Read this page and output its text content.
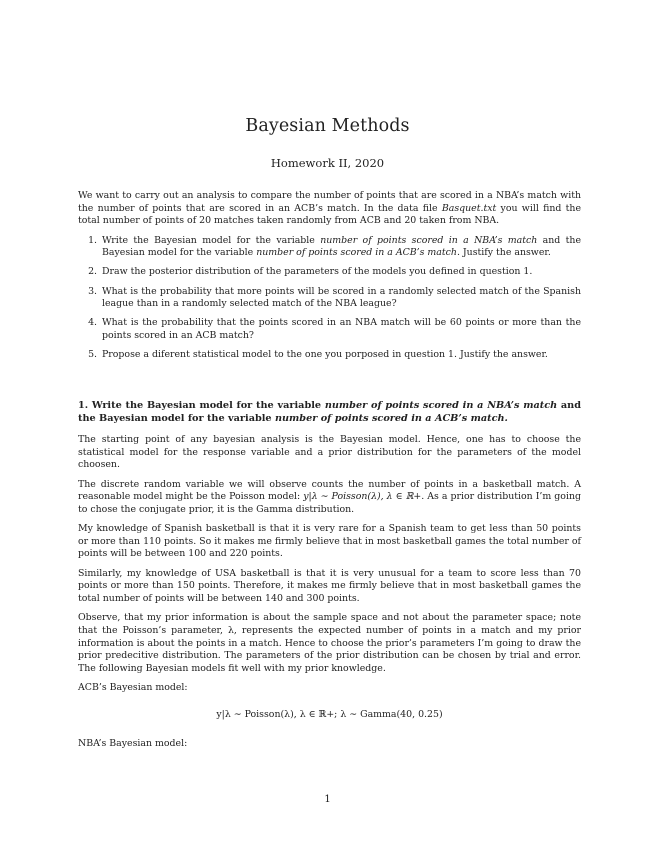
Bayesian Methods
Homework II, 2020

We want to carry out an analysis to compare the number of points that are scored in a NBA’s match with the number of points that are scored in an ACB’s match. In the data file Basquet.txt you will find the total number of points of 20 matches taken randomly from ACB and 20 taken from NBA.

1. Write the Bayesian model for the variable number of points scored in a NBA’s match and the Bayesian model for the variable number of points scored in a ACB’s match. Justify the answer.
2. Draw the posterior distribution of the parameters of the models you defined in question 1.
3. What is the probability that more points will be scored in a randomly selected match of the Spanish league than in a randomly selected match of the NBA league?
4. What is the probability that the points scored in an NBA match will be 60 points or more than the points scored in an ACB match?
5. Propose a diferent statistical model to the one you porposed in question 1. Justify the answer.
1. Write the Bayesian model for the variable number of points scored in a NBA’s match and the Bayesian model for the variable number of points scored in a ACB’s match.

The starting point of any bayesian analysis is the Bayesian model. Hence, one has to choose the statistical model for the response variable and a prior distribution for the parameters of the model choosen.

The discrete random variable we will observe counts the number of points in a basketball match. A reasonable model might be the Poisson model: y|λ ∼ Poisson(λ), λ ∈ ℝ+. As a prior distribution I’m going to chose the conjugate prior, it is the Gamma distribution.

My knowledge of Spanish basketball is that it is very rare for a Spanish team to get less than 50 points or more than 110 points. So it makes me firmly believe that in most basketball games the total number of points will be between 100 and 220 points.

Similarly, my knowledge of USA basketball is that it is very unusual for a team to score less than 70 points or more than 150 points. Therefore, it makes me firmly believe that in most basketball games the total number of points will be between 140 and 300 points.

Observe, that my prior information is about the sample space and not about the parameter space; note that the Poisson’s parameter, λ, represents the expected number of points in a match and my prior information is about the points in a match. Hence to choose the prior’s parameters I’m going to draw the prior predecitive distribution. The parameters of the prior distribution can be chosen by trial and error. The following Bayesian models fit well with my prior knowledge.

ACB’s Bayesian model:

y|λ ∼ Poisson(λ), λ ∈ ℝ+; λ ∼ Gamma(40, 0.25)

NBA’s Bayesian model:

1
